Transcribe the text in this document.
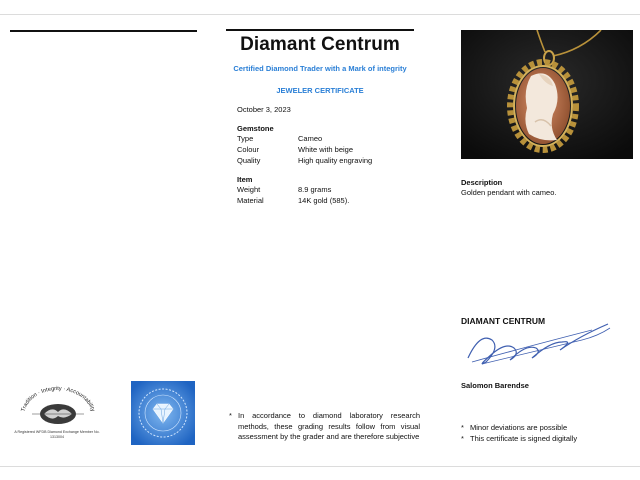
Diamant Centrum
Certified Diamond Trader with a Mark of integrity
JEWELER CERTIFICATE
October 3, 2023
Gemstone
Type	Cameo
Colour	White with beige
Quality	High quality engraving
Item
Weight	8.9 grams
Material	14K gold (585).
Description
Golden pendant with cameo.
DIAMANT CENTRUM
Salomon Barendse
Tradition · Integrity · Accountability
A Registered WFDB Diamond Exchange Member No. 1313004
* In accordance to diamond laboratory research methods, these grading results follow from visual assessment by the grader and are therefore subjective
* Minor deviations are possible
* This certificate is signed digitally
